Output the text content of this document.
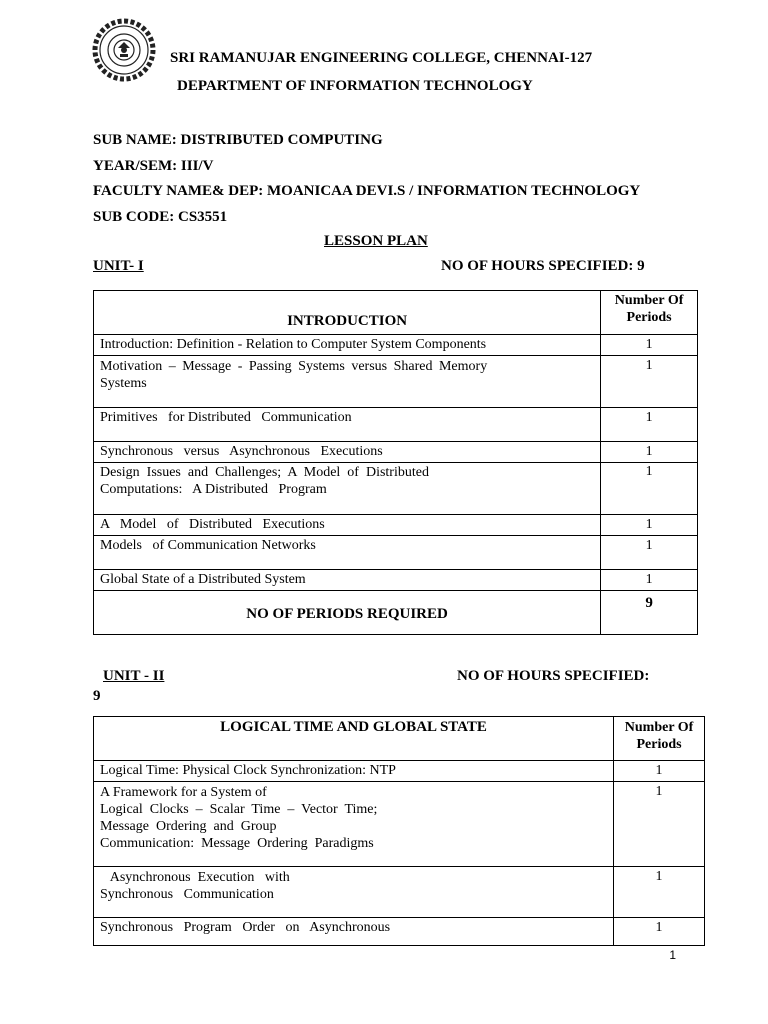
SRI RAMANUJAR ENGINEERING COLLEGE, CHENNAI-127
DEPARTMENT OF INFORMATION TECHNOLOGY
SUB NAME: DISTRIBUTED COMPUTING
YEAR/SEM: III/V
FACULTY NAME& DEP: MOANICAA DEVI.S / INFORMATION TECHNOLOGY
SUB CODE: CS3551
LESSON PLAN
UNIT- I	NO OF HOURS SPECIFIED: 9
INTRODUCTION	Number Of
Periods

Introduction: Definition - Relation to Computer System Components	1

Motivation – Message - Passing Systems versus Shared Memory
Systems	1
Primitives   for Distributed   Communication	1
Synchronous   versus   Asynchronous   Executions	1

Design  Issues  and  Challenges;  A  Model  of  Distributed
Computations:   A Distributed   Program	1
A   Model   of   Distributed   Executions	1
Models   of Communication Networks	1
Global State of a Distributed System	1
NO OF PERIODS REQUIRED	9
UNIT - II	NO OF HOURS SPECIFIED:
9
LOGICAL TIME AND GLOBAL STATE	Number Of
Periods

Logical Time: Physical Clock Synchronization: NTP	1

A Framework for a System of
Logical  Clocks  –  Scalar  Time  –  Vector  Time;
Message  Ordering  and  Group
Communication:  Message  Ordering  Paradigms	1

Asynchronous  Execution   with
Synchronous   Communication	1
Synchronous   Program   Order   on   Asynchronous	1
1
